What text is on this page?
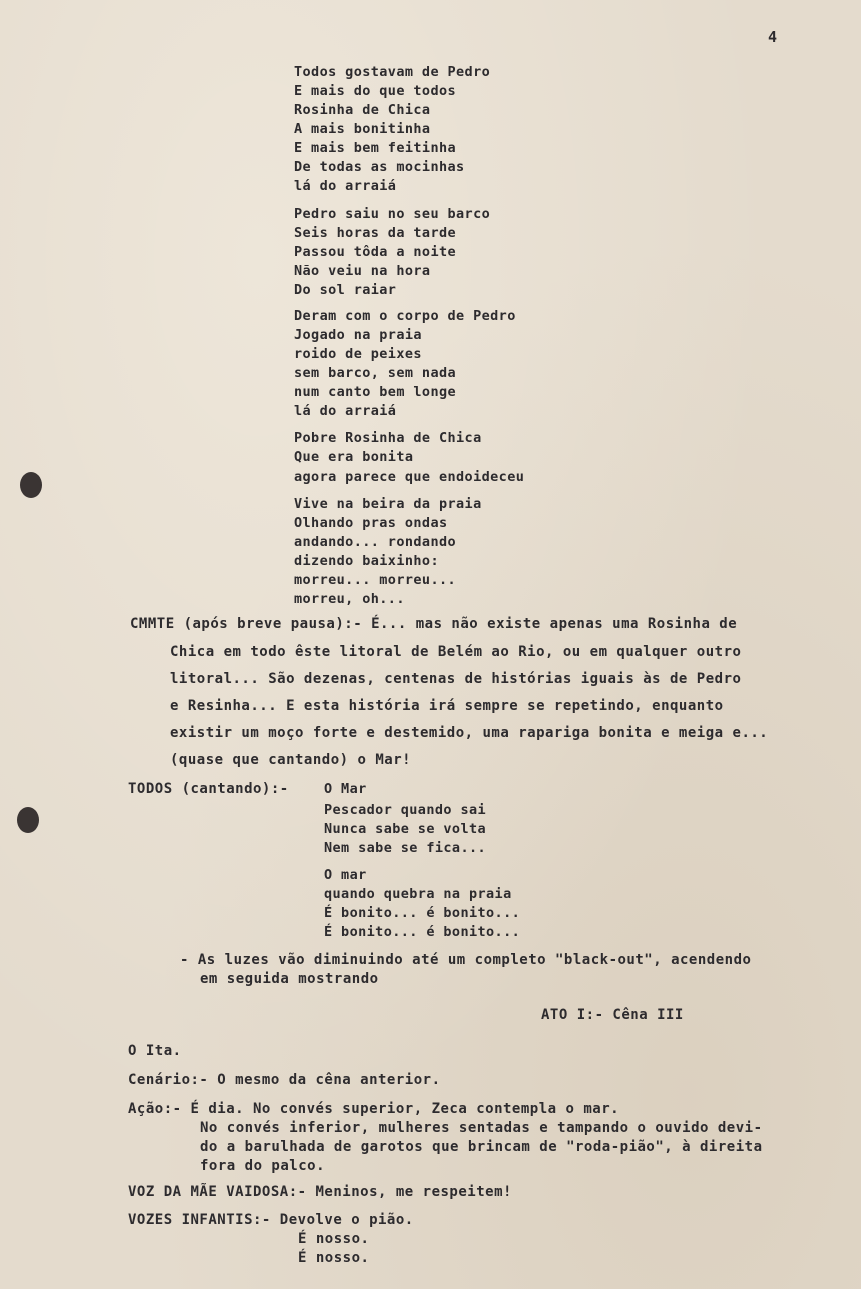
4
Todos gostavam de Pedro
E mais do que todos
Rosinha de Chica
A mais bonitinha
E mais bem feitinha
De todas as mocinhas
lá do arraiá
Pedro saiu no seu barco
Seis horas da tarde
Passou tôda a noite
Não veiu na hora
Do sol raiar
Deram com o corpo de Pedro
Jogado na praia
roido de peixes
sem barco, sem nada
num canto bem longe
lá do arraiá
Pobre Rosinha de Chica
Que era bonita
agora parece que endoideceu
Vive na beira da praia
Olhando pras ondas
andando... rondando
dizendo baixinho:
morreu... morreu...
morreu, oh...
CMMTE (após breve pausa):- É... mas não existe apenas uma Rosinha de
Chica em todo êste litoral de Belém ao Rio, ou em qualquer outro
litoral... São dezenas, centenas de histórias iguais às de Pedro
e Resinha... E esta história irá sempre se repetindo, enquanto
existir um moço forte e destemido, uma rapariga bonita e meiga e...
(quase que cantando) o Mar!
TODOS (cantando):-	O Mar
Pescador quando sai
Nunca sabe se volta
Nem sabe se fica...
O mar
quando quebra na praia
É bonito... é bonito...
É bonito... é bonito...
- As luzes vão diminuindo até um completo "black-out", acendendo
em seguida mostrando
ATO I:- Cêna III
O Ita.
Cenário:- O mesmo da cêna anterior.
Ação:- É dia. No convés superior, Zeca contempla o mar.
No convés inferior, mulheres sentadas e tampando o ouvido devi-
do a barulhada de garotos que brincam de "roda-pião", à direita
fora do palco.
VOZ DA MÃE VAIDOSA:- Meninos, me respeitem!
VOZES INFANTIS:- Devolve o pião.
É nosso.
É nosso.
